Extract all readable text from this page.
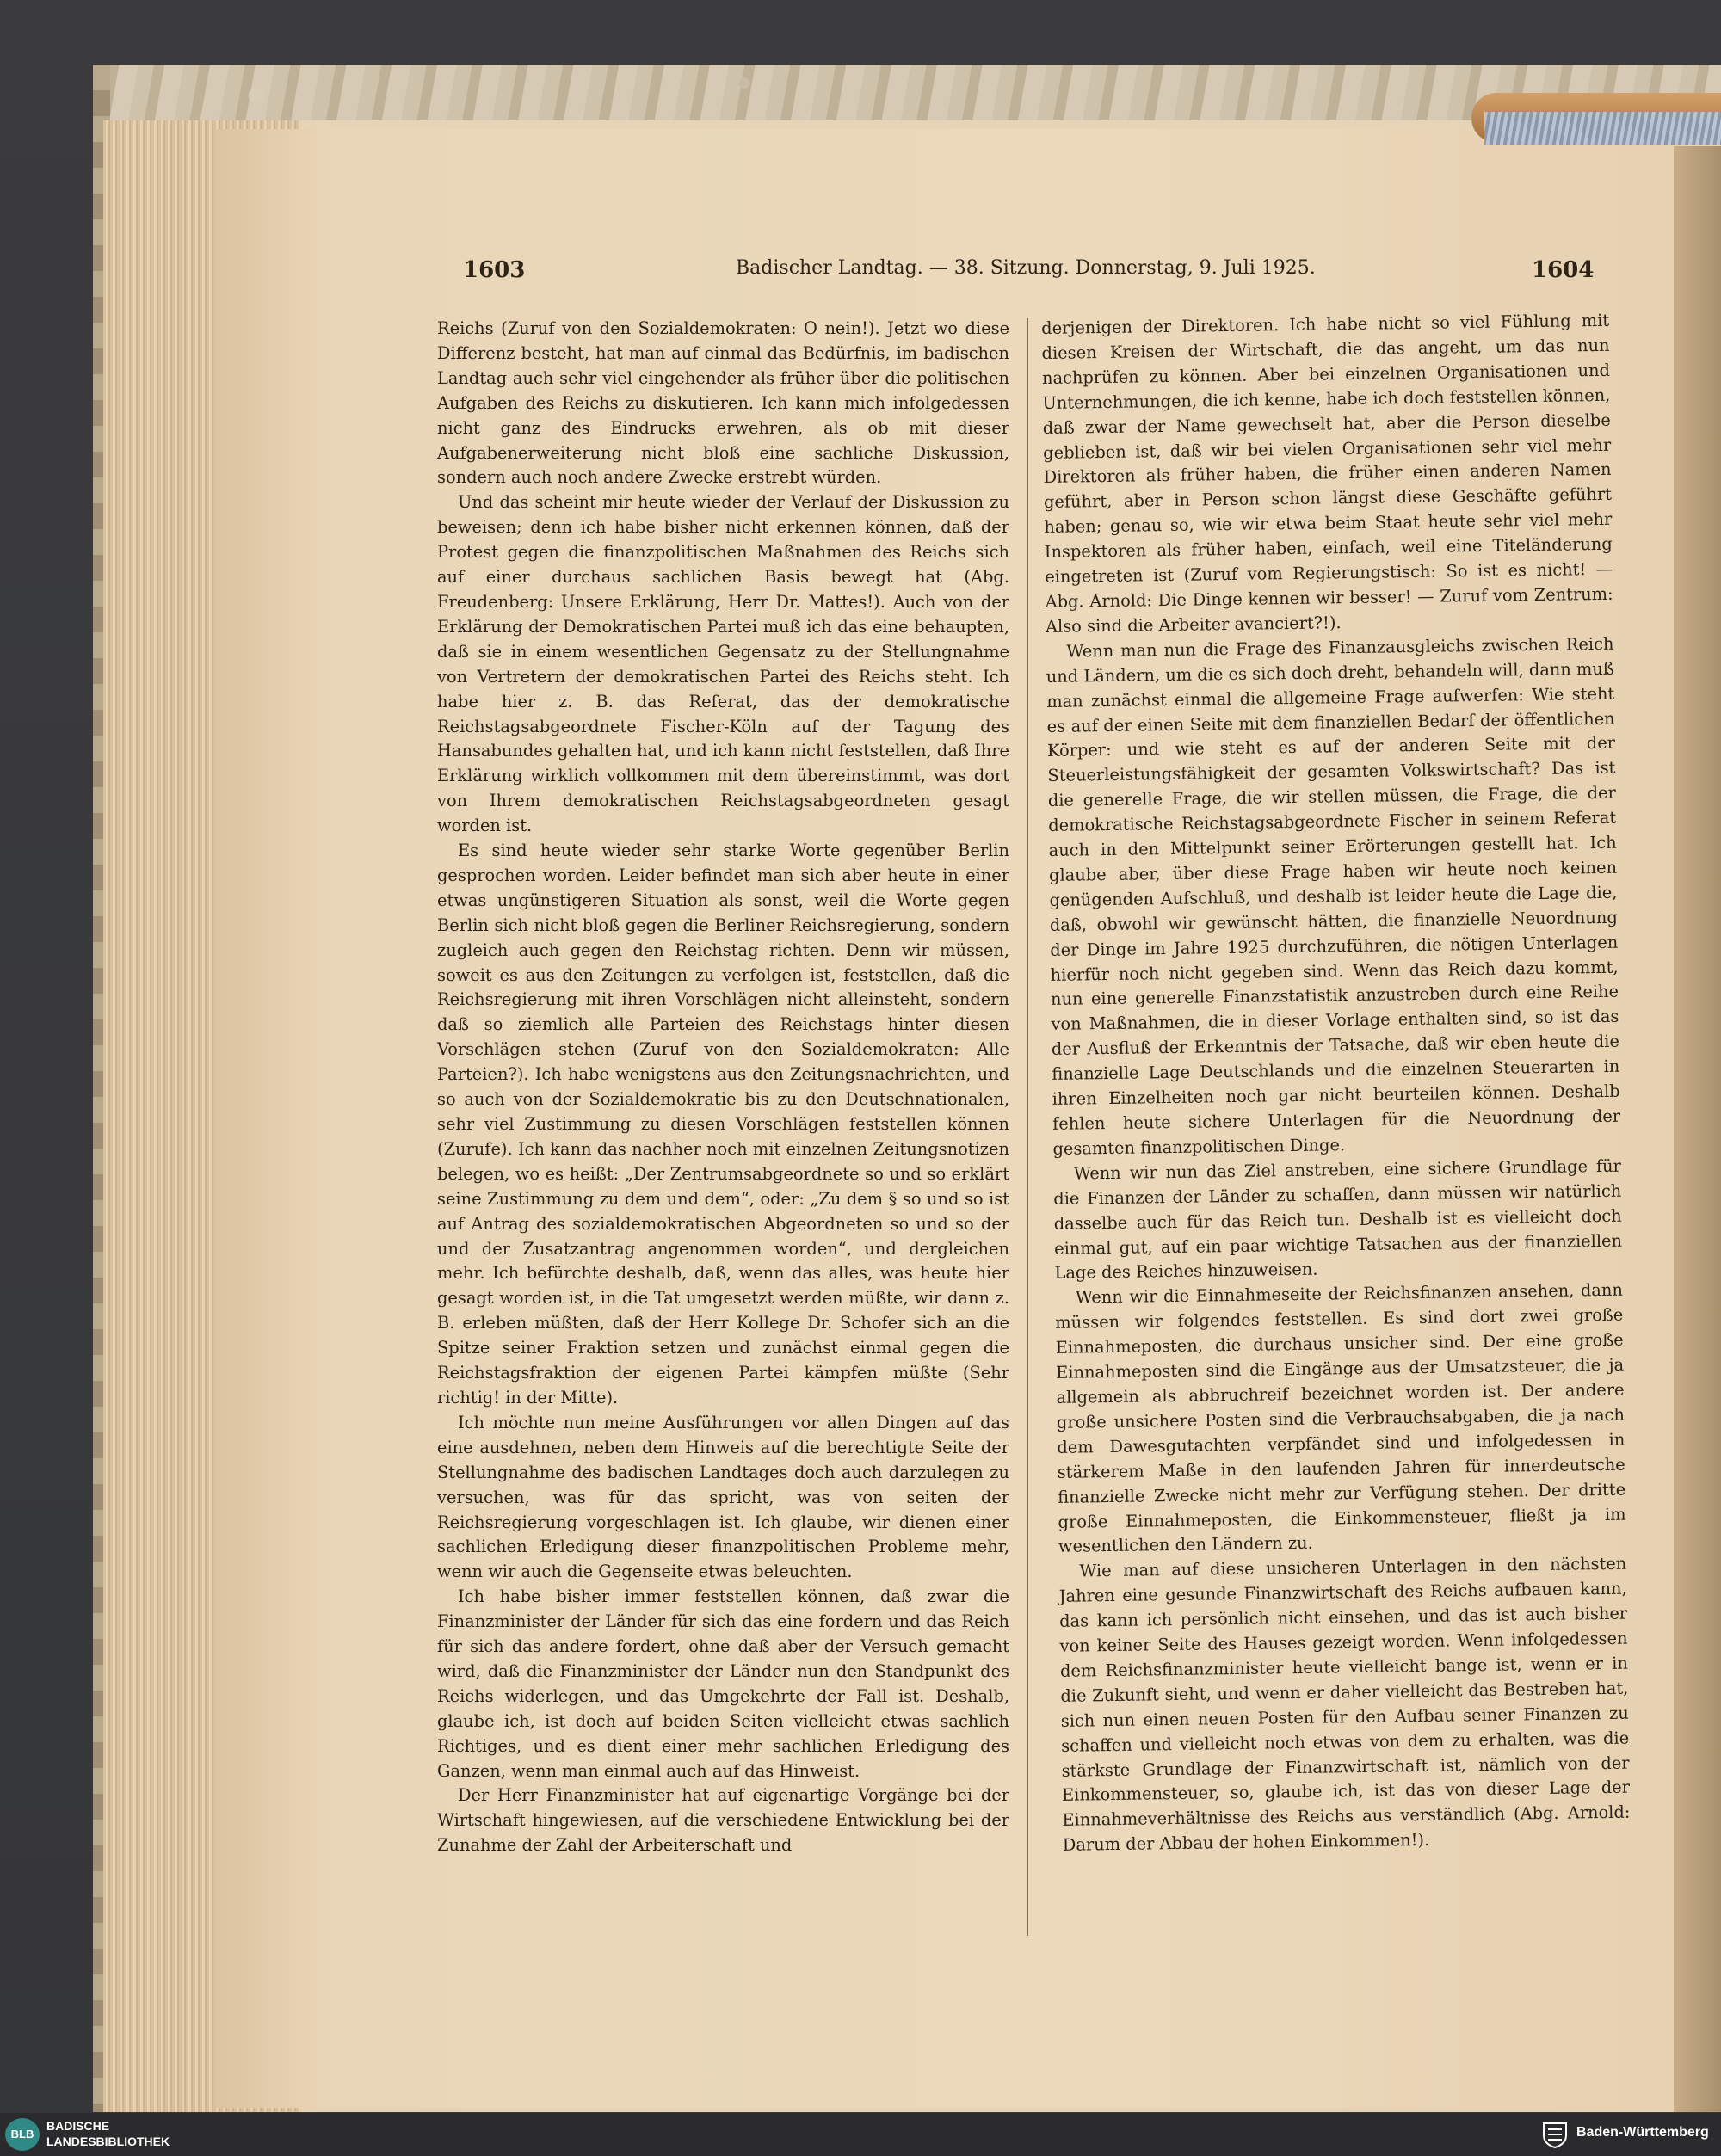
1603	Badischer Landtag. — 38. Sitzung. Donnerstag, 9. Juli 1925.	1604

Reichs (Zuruf von den Sozialdemokraten: O nein!). Jetzt wo diese Differenz besteht, hat man auf einmal das Bedürfnis, im badischen Landtag auch sehr viel eingehender als früher über die politischen Aufgaben des Reichs zu diskutieren. Ich kann mich infolgedessen nicht ganz des Eindrucks erwehren, als ob mit dieser Aufgabenerweiterung nicht bloß eine sachliche Diskussion, sondern auch noch andere Zwecke erstrebt würden.

Und das scheint mir heute wieder der Verlauf der Diskussion zu beweisen; denn ich habe bisher nicht erkennen können, daß der Protest gegen die finanzpolitischen Maßnahmen des Reichs sich auf einer durchaus sachlichen Basis bewegt hat (Abg. Freudenberg: Unsere Erklärung, Herr Dr. Mattes!). Auch von der Erklärung der Demokratischen Partei muß ich das eine behaupten, daß sie in einem wesentlichen Gegensatz zu der Stellungnahme von Vertretern der demokratischen Partei des Reichs steht. Ich habe hier z. B. das Referat, das der demokratische Reichstagsabgeordnete Fischer-Köln auf der Tagung des Hansabundes gehalten hat, und ich kann nicht feststellen, daß Ihre Erklärung wirklich vollkommen mit dem übereinstimmt, was dort von Ihrem demokratischen Reichstagsabgeordneten gesagt worden ist.

Es sind heute wieder sehr starke Worte gegenüber Berlin gesprochen worden. Leider befindet man sich aber heute in einer etwas ungünstigeren Situation als sonst, weil die Worte gegen Berlin sich nicht bloß gegen die Berliner Reichsregierung, sondern zugleich auch gegen den Reichstag richten. Denn wir müssen, soweit es aus den Zeitungen zu verfolgen ist, feststellen, daß die Reichsregierung mit ihren Vorschlägen nicht alleinsteht, sondern daß so ziemlich alle Parteien des Reichstags hinter diesen Vorschlägen stehen (Zuruf von den Sozialdemokraten: Alle Parteien?). Ich habe wenigstens aus den Zeitungsnachrichten, und so auch von der Sozialdemokratie bis zu den Deutschnationalen, sehr viel Zustimmung zu diesen Vorschlägen feststellen können (Zurufe). Ich kann das nachher noch mit einzelnen Zeitungsnotizen belegen, wo es heißt: „Der Zentrumsabgeordnete so und so erklärt seine Zustimmung zu dem und dem“, oder: „Zu dem § so und so ist auf Antrag des sozialdemokratischen Abgeordneten so und so der und der Zusatzantrag angenommen worden“, und dergleichen mehr. Ich befürchte deshalb, daß, wenn das alles, was heute hier gesagt worden ist, in die Tat umgesetzt werden müßte, wir dann z. B. erleben müßten, daß der Herr Kollege Dr. Schofer sich an die Spitze seiner Fraktion setzen und zunächst einmal gegen die Reichstagsfraktion der eigenen Partei kämpfen müßte (Sehr richtig! in der Mitte).

Ich möchte nun meine Ausführungen vor allen Dingen auf das eine ausdehnen, neben dem Hinweis auf die berechtigte Seite der Stellungnahme des badischen Landtages doch auch darzulegen zu versuchen, was für das spricht, was von seiten der Reichsregierung vorgeschlagen ist. Ich glaube, wir dienen einer sachlichen Erledigung dieser finanzpolitischen Probleme mehr, wenn wir auch die Gegenseite etwas beleuchten.

Ich habe bisher immer feststellen können, daß zwar die Finanzminister der Länder für sich das eine fordern und das Reich für sich das andere fordert, ohne daß aber der Versuch gemacht wird, daß die Finanzminister der Länder nun den Standpunkt des Reichs widerlegen, und das Umgekehrte der Fall ist. Deshalb, glaube ich, ist doch auf beiden Seiten vielleicht etwas sachlich Richtiges, und es dient einer mehr sachlichen Erledigung des Ganzen, wenn man einmal auch auf das Hinweist.

Der Herr Finanzminister hat auf eigenartige Vorgänge bei der Wirtschaft hingewiesen, auf die verschiedene Entwicklung bei der Zunahme der Zahl der Arbeiterschaft und

derjenigen der Direktoren. Ich habe nicht so viel Fühlung mit diesen Kreisen der Wirtschaft, die das angeht, um das nun nachprüfen zu können. Aber bei einzelnen Organisationen und Unternehmungen, die ich kenne, habe ich doch feststellen können, daß zwar der Name gewechselt hat, aber die Person dieselbe geblieben ist, daß wir bei vielen Organisationen sehr viel mehr Direktoren als früher haben, die früher einen anderen Namen geführt, aber in Person schon längst diese Geschäfte geführt haben; genau so, wie wir etwa beim Staat heute sehr viel mehr Inspektoren als früher haben, einfach, weil eine Titeländerung eingetreten ist (Zuruf vom Regierungstisch: So ist es nicht! — Abg. Arnold: Die Dinge kennen wir besser! — Zuruf vom Zentrum: Also sind die Arbeiter avanciert?!).

Wenn man nun die Frage des Finanzausgleichs zwischen Reich und Ländern, um die es sich doch dreht, behandeln will, dann muß man zunächst einmal die allgemeine Frage aufwerfen: Wie steht es auf der einen Seite mit dem finanziellen Bedarf der öffentlichen Körper: und wie steht es auf der anderen Seite mit der Steuerleistungsfähigkeit der gesamten Volkswirtschaft? Das ist die generelle Frage, die wir stellen müssen, die Frage, die der demokratische Reichstagsabgeordnete Fischer in seinem Referat auch in den Mittelpunkt seiner Erörterungen gestellt hat. Ich glaube aber, über diese Frage haben wir heute noch keinen genügenden Aufschluß, und deshalb ist leider heute die Lage die, daß, obwohl wir gewünscht hätten, die finanzielle Neuordnung der Dinge im Jahre 1925 durchzuführen, die nötigen Unterlagen hierfür noch nicht gegeben sind. Wenn das Reich dazu kommt, nun eine generelle Finanzstatistik anzustreben durch eine Reihe von Maßnahmen, die in dieser Vorlage enthalten sind, so ist das der Ausfluß der Erkenntnis der Tatsache, daß wir eben heute die finanzielle Lage Deutschlands und die einzelnen Steuerarten in ihren Einzelheiten noch gar nicht beurteilen können. Deshalb fehlen heute sichere Unterlagen für die Neuordnung der gesamten finanzpolitischen Dinge.

Wenn wir nun das Ziel anstreben, eine sichere Grundlage für die Finanzen der Länder zu schaffen, dann müssen wir natürlich dasselbe auch für das Reich tun. Deshalb ist es vielleicht doch einmal gut, auf ein paar wichtige Tatsachen aus der finanziellen Lage des Reiches hinzuweisen.

Wenn wir die Einnahmeseite der Reichsfinanzen ansehen, dann müssen wir folgendes feststellen. Es sind dort zwei große Einnahmeposten, die durchaus unsicher sind. Der eine große Einnahmeposten sind die Eingänge aus der Umsatzsteuer, die ja allgemein als abbruchreif bezeichnet worden ist. Der andere große unsichere Posten sind die Verbrauchsabgaben, die ja nach dem Dawesgutachten verpfändet sind und infolgedessen in stärkerem Maße in den laufenden Jahren für innerdeutsche finanzielle Zwecke nicht mehr zur Verfügung stehen. Der dritte große Einnahmeposten, die Einkommensteuer, fließt ja im wesentlichen den Ländern zu.

Wie man auf diese unsicheren Unterlagen in den nächsten Jahren eine gesunde Finanzwirtschaft des Reichs aufbauen kann, das kann ich persönlich nicht einsehen, und das ist auch bisher von keiner Seite des Hauses gezeigt worden. Wenn infolgedessen dem Reichsfinanzminister heute vielleicht bange ist, wenn er in die Zukunft sieht, und wenn er daher vielleicht das Bestreben hat, sich nun einen neuen Posten für den Aufbau seiner Finanzen zu schaffen und vielleicht noch etwas von dem zu erhalten, was die stärkste Grundlage der Finanzwirtschaft ist, nämlich von der Einkommensteuer, so, glaube ich, ist das von dieser Lage der Einnahmeverhältnisse des Reichs aus verständlich (Abg. Arnold: Darum der Abbau der hohen Einkommen!).

BLB
BADISCHE
LANDESBIBLIOTHEK
Baden-Württemberg
